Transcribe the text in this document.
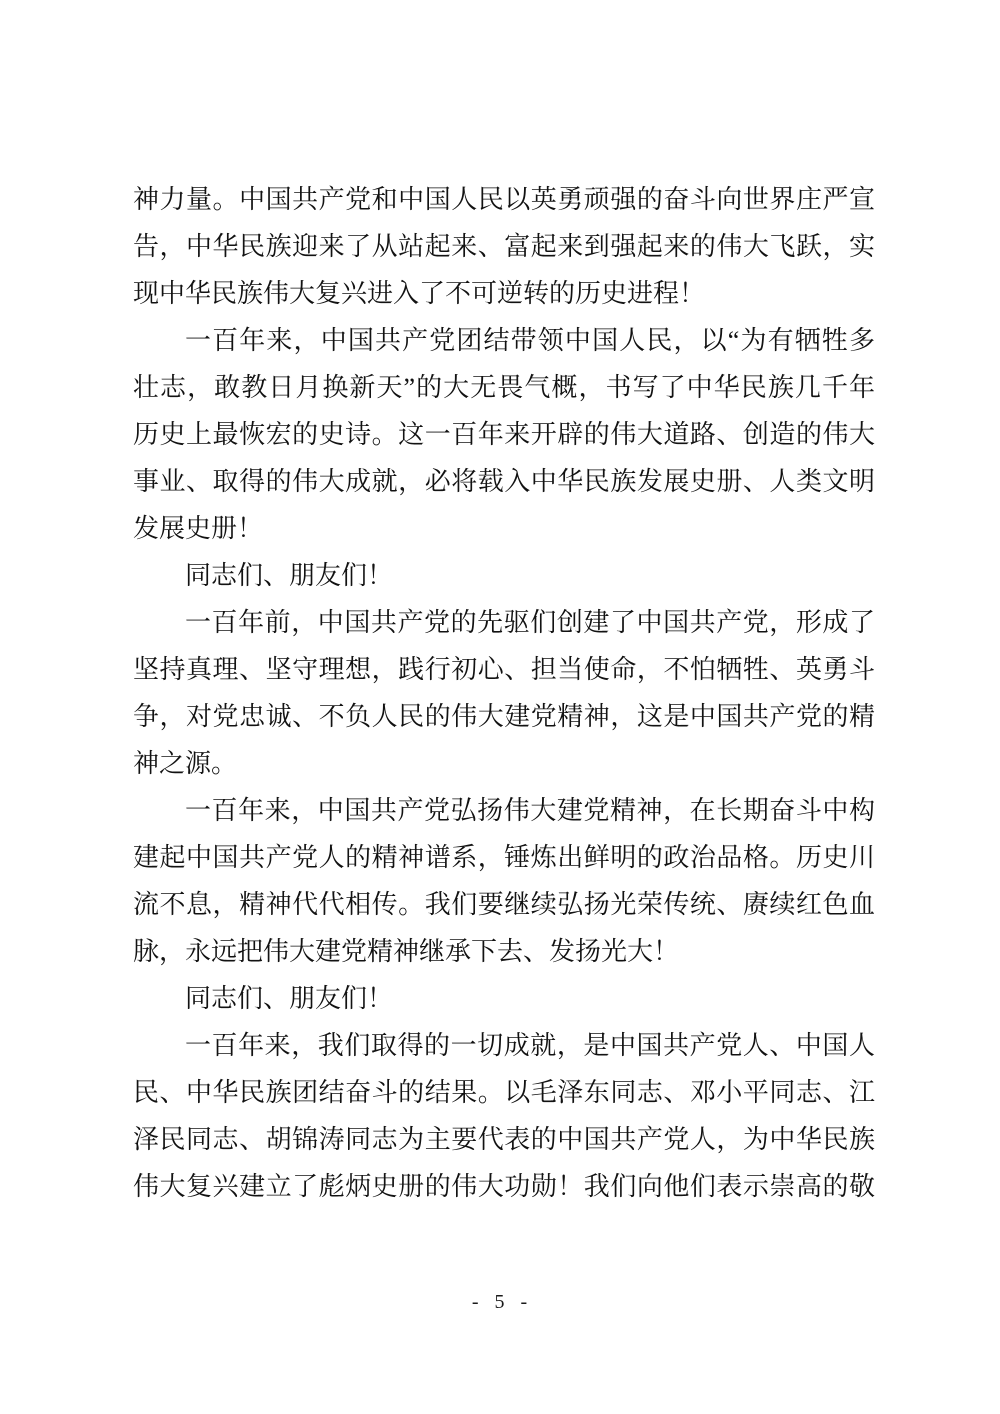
神力量。中国共产党和中国人民以英勇顽强的奋斗向世界庄严宣
告，中华民族迎来了从站起来、富起来到强起来的伟大飞跃，实
现中华民族伟大复兴进入了不可逆转的历史进程！
一百年来，中国共产党团结带领中国人民，以“为有牺牲多
壮志，敢教日月换新天”的大无畏气概，书写了中华民族几千年
历史上最恢宏的史诗。这一百年来开辟的伟大道路、创造的伟大
事业、取得的伟大成就，必将载入中华民族发展史册、人类文明
发展史册！
同志们、朋友们！
一百年前，中国共产党的先驱们创建了中国共产党，形成了
坚持真理、坚守理想，践行初心、担当使命，不怕牺牲、英勇斗
争，对党忠诚、不负人民的伟大建党精神，这是中国共产党的精
神之源。
一百年来，中国共产党弘扬伟大建党精神，在长期奋斗中构
建起中国共产党人的精神谱系，锤炼出鲜明的政治品格。历史川
流不息，精神代代相传。我们要继续弘扬光荣传统、赓续红色血
脉，永远把伟大建党精神继承下去、发扬光大！
同志们、朋友们！
一百年来，我们取得的一切成就，是中国共产党人、中国人
民、中华民族团结奋斗的结果。以毛泽东同志、邓小平同志、江
泽民同志、胡锦涛同志为主要代表的中国共产党人，为中华民族
伟大复兴建立了彪炳史册的伟大功勋！我们向他们表示崇高的敬
- 5 -
